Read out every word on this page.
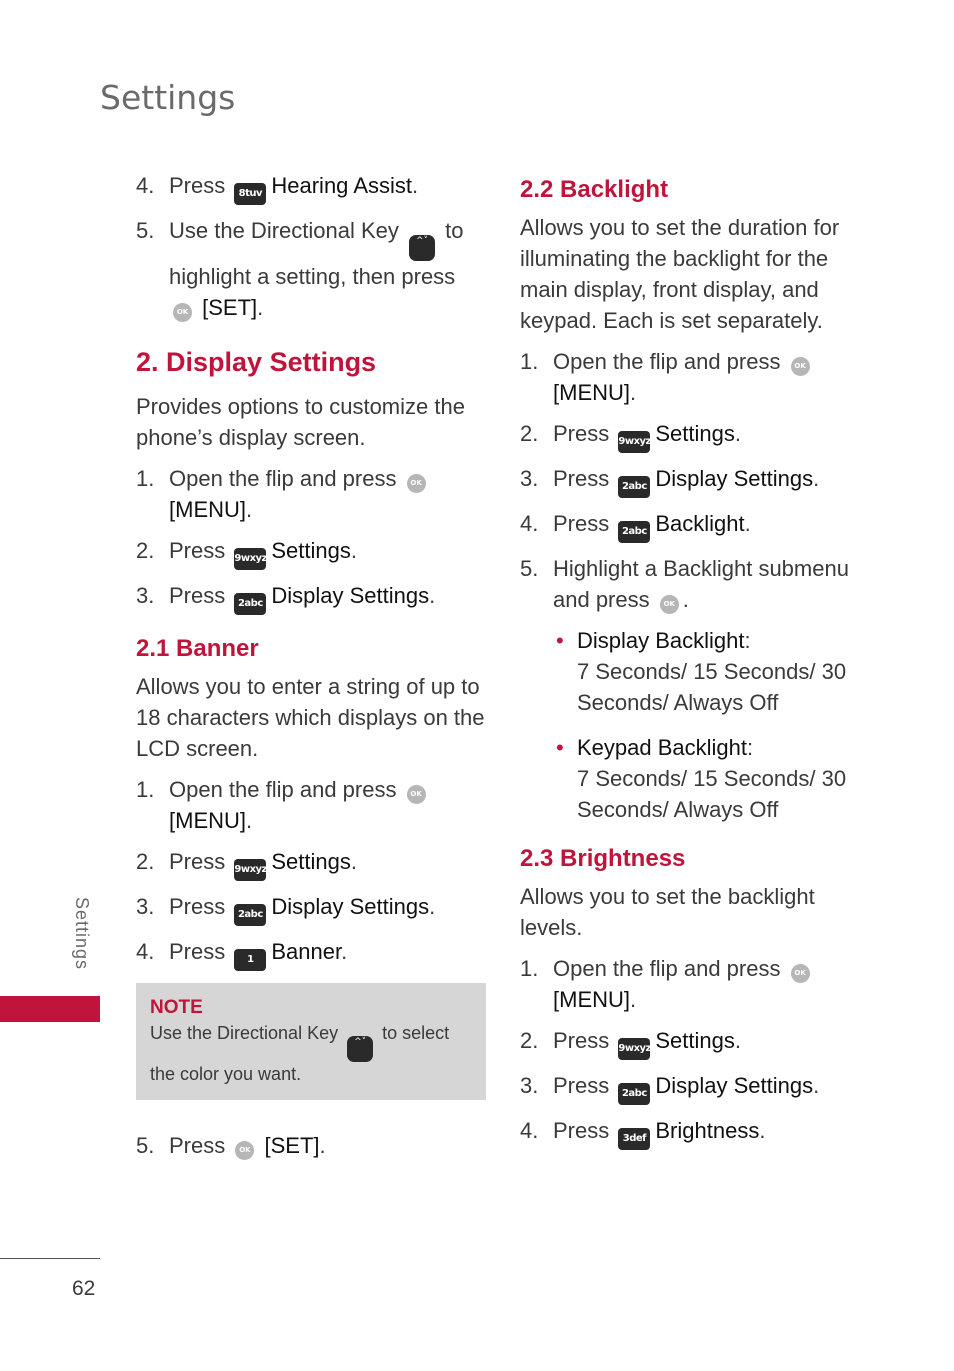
Settings
4. Press 8tuv Hearing Assist.
5. Use the Directional Key ^˅ to highlight a setting, then press OK [SET].
2. Display Settings
Provides options to customize the phone’s display screen.
1. Open the flip and press OK
[MENU].
2. Press 9wxyz Settings.
3. Press 2abc Display Settings.
2.1 Banner
Allows you to enter a string of up to 18 characters which displays on the LCD screen.
1. Open the flip and press OK
[MENU].
2. Press 9wxyz Settings.
3. Press 2abc Display Settings.
4. Press 1 Banner.
NOTE
Use the Directional Key ^˅ to select the color you want.
5. Press OK [SET].
2.2 Backlight
Allows you to set the duration for illuminating the backlight for the main display, front display, and keypad. Each is set separately.
1. Open the flip and press OK
[MENU].
2. Press 9wxyz Settings.
3. Press 2abc Display Settings.
4. Press 2abc Backlight.
5. Highlight a Backlight submenu and press OK .
• Display Backlight:
7 Seconds/ 15 Seconds/ 30 Seconds/ Always Off
• Keypad Backlight:
7 Seconds/ 15 Seconds/ 30 Seconds/ Always Off
2.3 Brightness
Allows you to set the backlight levels.
1. Open the flip and press OK
[MENU].
2. Press 9wxyz Settings.
3. Press 2abc Display Settings.
4. Press 3def Brightness.
Settings
62
